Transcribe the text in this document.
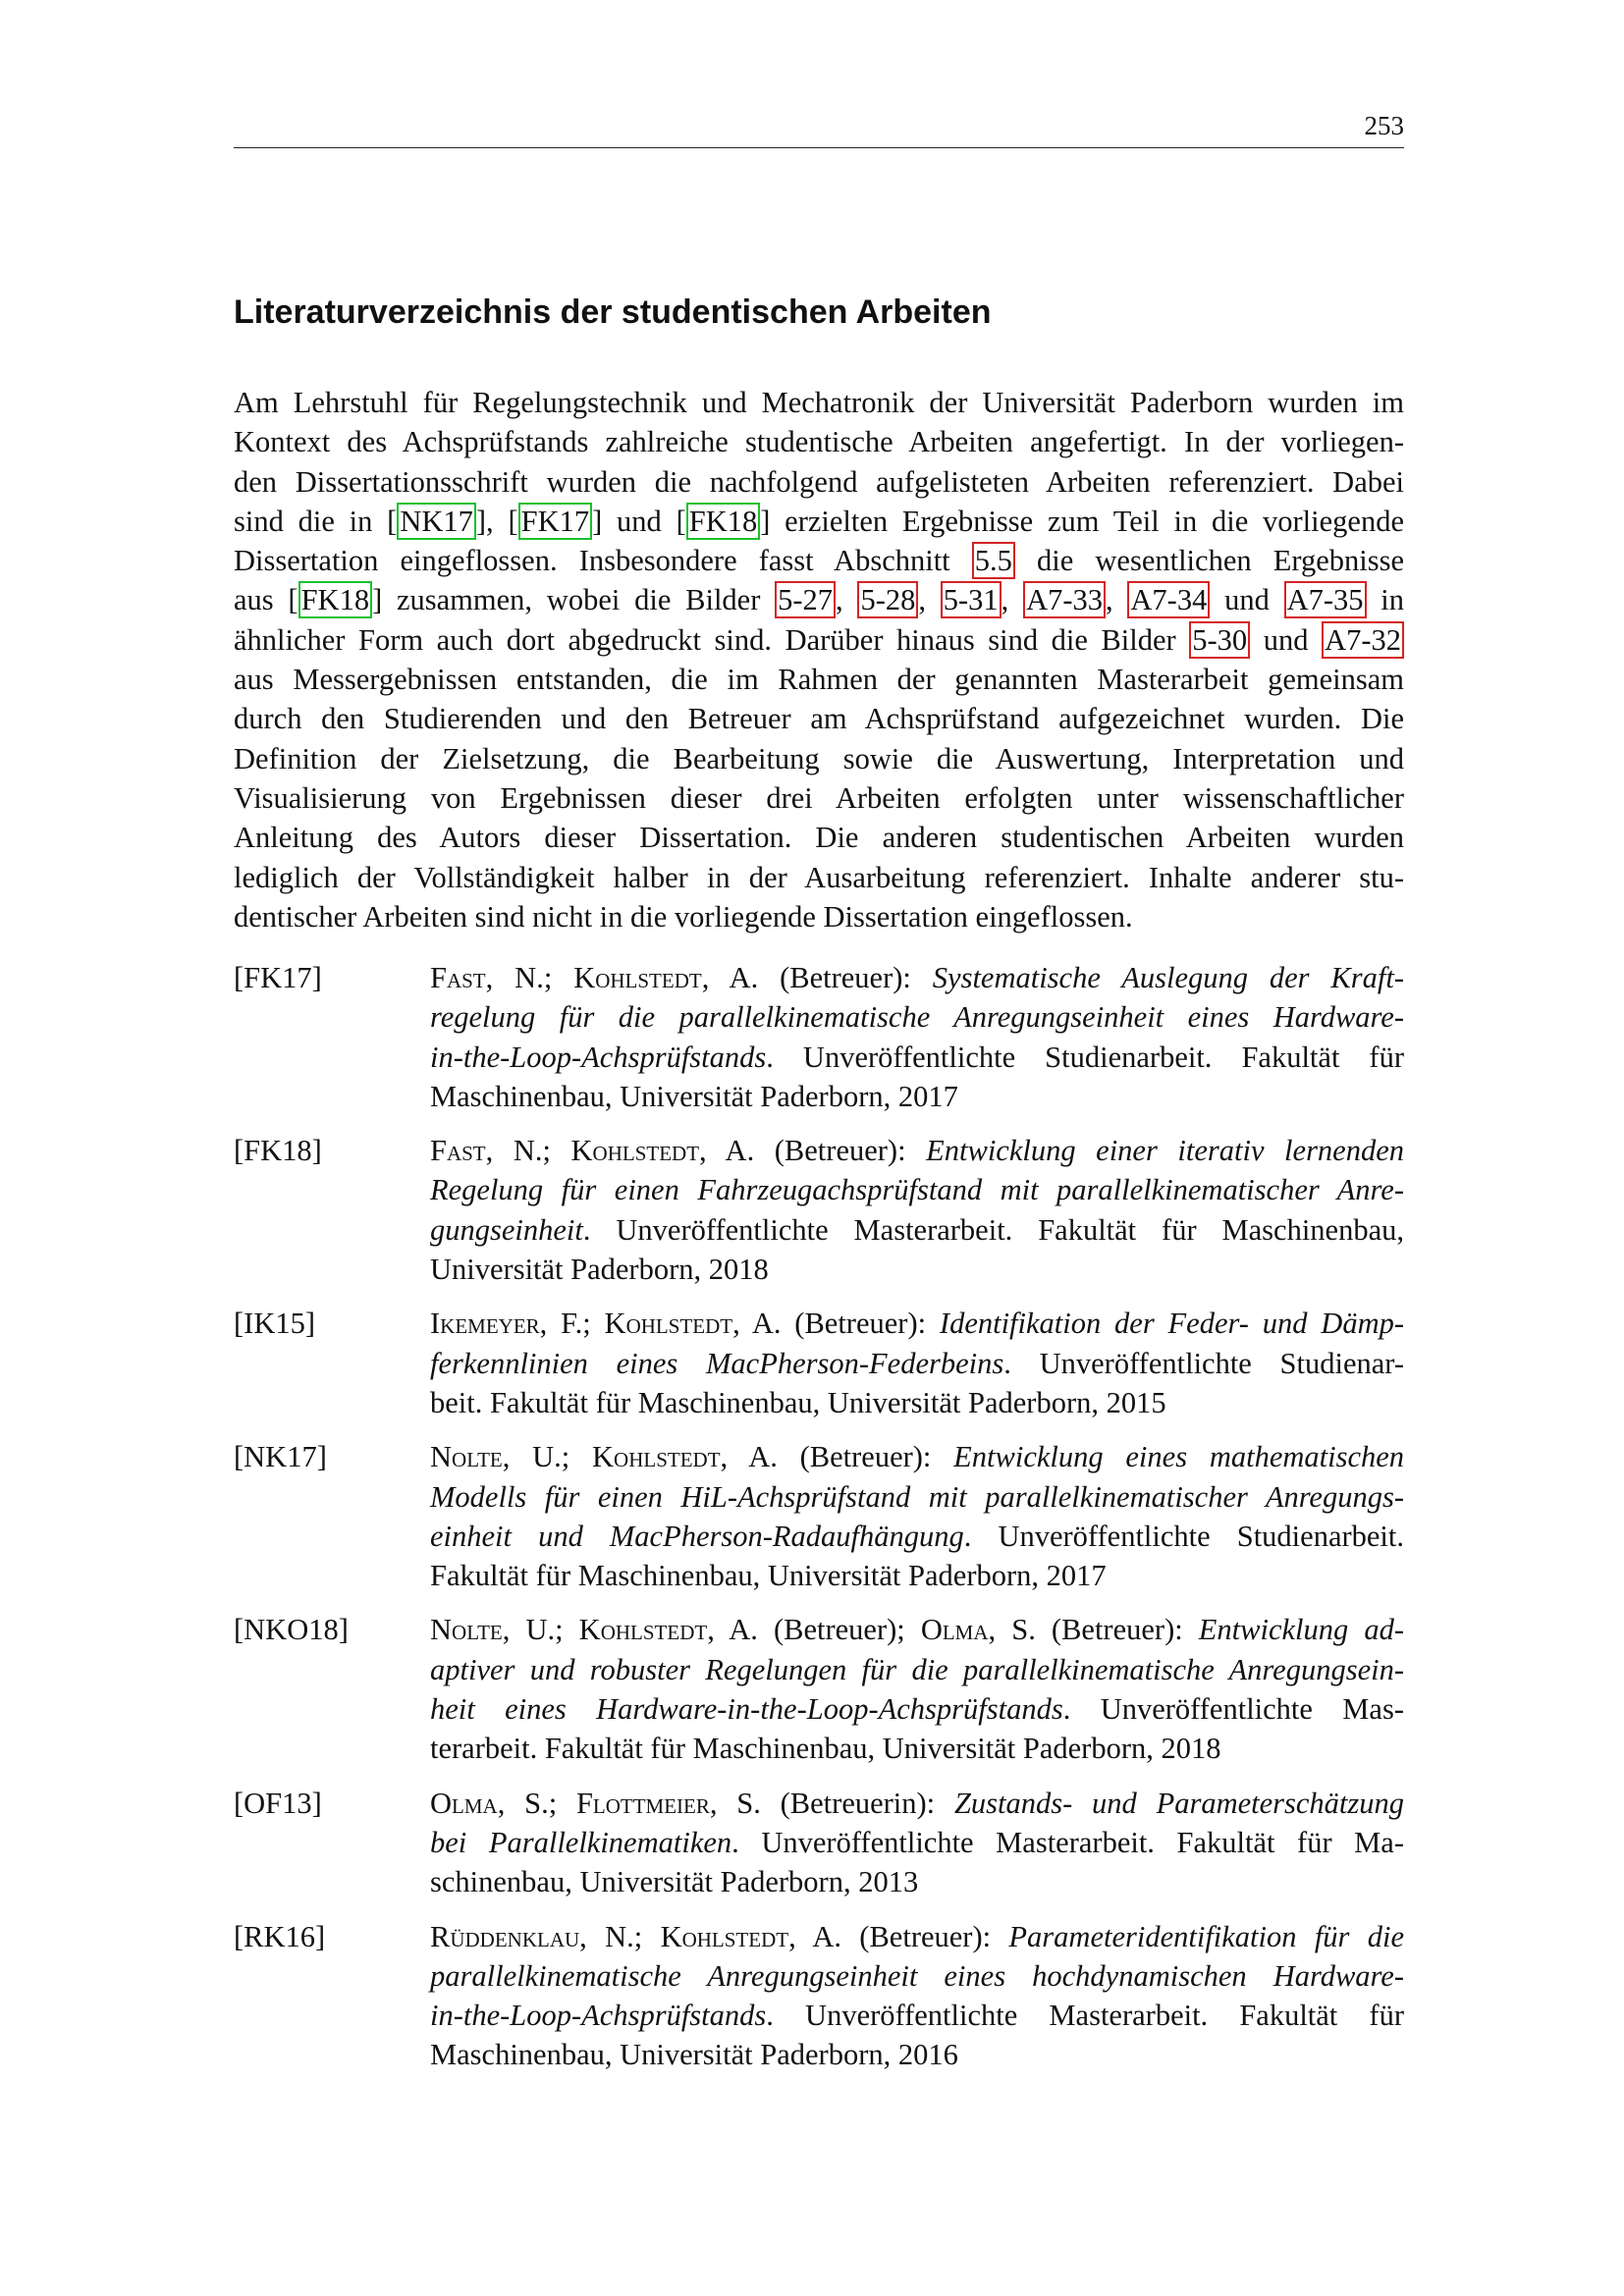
253
Literaturverzeichnis der studentischen Arbeiten
Am Lehrstuhl für Regelungstechnik und Mechatronik der Universität Paderborn wurden im
Kontext des Achsprüfstands zahlreiche studentische Arbeiten angefertigt. In der vorliegen-
den Dissertationsschrift wurden die nachfolgend aufgelisteten Arbeiten referenziert. Dabei
sind die in [NK17], [FK17] und [FK18] erzielten Ergebnisse zum Teil in die vorliegende
Dissertation eingeflossen. Insbesondere fasst Abschnitt 5.5 die wesentlichen Ergebnisse
aus [FK18] zusammen, wobei die Bilder 5-27, 5-28, 5-31, A7-33, A7-34 und A7-35 in
ähnlicher Form auch dort abgedruckt sind. Darüber hinaus sind die Bilder 5-30 und A7-32
aus Messergebnissen entstanden, die im Rahmen der genannten Masterarbeit gemeinsam
durch den Studierenden und den Betreuer am Achsprüfstand aufgezeichnet wurden. Die
Definition der Zielsetzung, die Bearbeitung sowie die Auswertung, Interpretation und
Visualisierung von Ergebnissen dieser drei Arbeiten erfolgten unter wissenschaftlicher
Anleitung des Autors dieser Dissertation. Die anderen studentischen Arbeiten wurden
lediglich der Vollständigkeit halber in der Ausarbeitung referenziert. Inhalte anderer stu-
dentischer Arbeiten sind nicht in die vorliegende Dissertation eingeflossen.
[FK17]	Fast, N.; Kohlstedt, A. (Betreuer): Systematische Auslegung der Kraft-
regelung für die parallelkinematische Anregungseinheit eines Hardware-
in-the-Loop-Achsprüfstands. Unveröffentlichte Studienarbeit. Fakultät für
Maschinenbau, Universität Paderborn, 2017
[FK18]	Fast, N.; Kohlstedt, A. (Betreuer): Entwicklung einer iterativ lernenden
Regelung für einen Fahrzeugachsprüfstand mit parallelkinematischer Anre-
gungseinheit. Unveröffentlichte Masterarbeit. Fakultät für Maschinenbau,
Universität Paderborn, 2018
[IK15]	Ikemeyer, F.; Kohlstedt, A. (Betreuer): Identifikation der Feder- und Dämp-
ferkennlinien eines MacPherson-Federbeins. Unveröffentlichte Studienar-
beit. Fakultät für Maschinenbau, Universität Paderborn, 2015
[NK17]	Nolte, U.; Kohlstedt, A. (Betreuer): Entwicklung eines mathematischen
Modells für einen HiL-Achsprüfstand mit parallelkinematischer Anregungs-
einheit und MacPherson-Radaufhängung. Unveröffentlichte Studienarbeit.
Fakultät für Maschinenbau, Universität Paderborn, 2017
[NKO18]	Nolte, U.; Kohlstedt, A. (Betreuer); Olma, S. (Betreuer): Entwicklung ad-
aptiver und robuster Regelungen für die parallelkinematische Anregungsein-
heit eines Hardware-in-the-Loop-Achsprüfstands. Unveröffentlichte Mas-
terarbeit. Fakultät für Maschinenbau, Universität Paderborn, 2018
[OF13]	Olma, S.; Flottmeier, S. (Betreuerin): Zustands- und Parameterschätzung
bei Parallelkinematiken. Unveröffentlichte Masterarbeit. Fakultät für Ma-
schinenbau, Universität Paderborn, 2013
[RK16]	Rüddenklau, N.; Kohlstedt, A. (Betreuer): Parameteridentifikation für die
parallelkinematische Anregungseinheit eines hochdynamischen Hardware-
in-the-Loop-Achsprüfstands. Unveröffentlichte Masterarbeit. Fakultät für
Maschinenbau, Universität Paderborn, 2016
